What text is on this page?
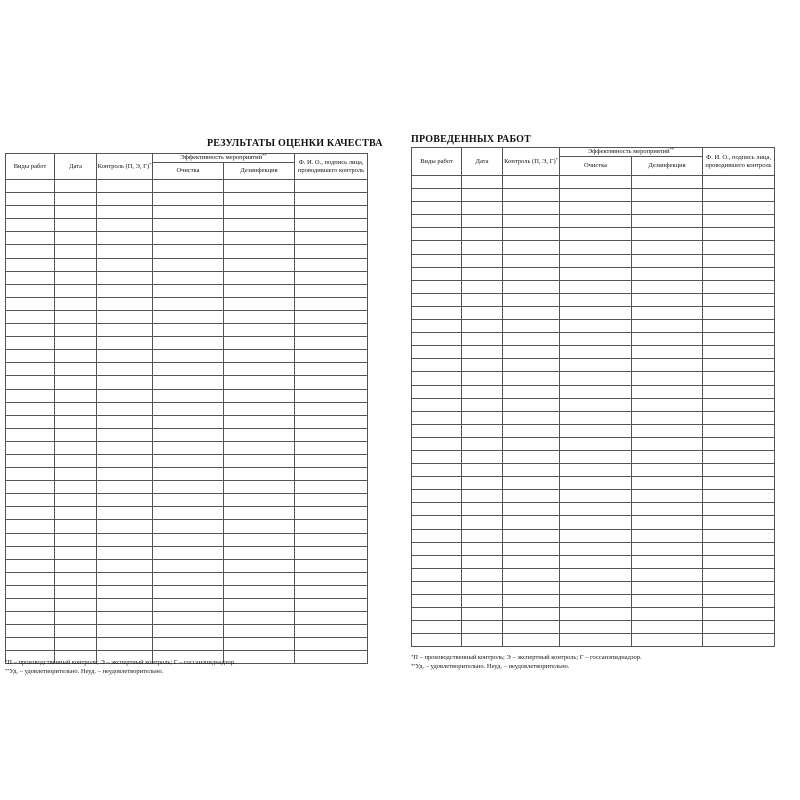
РЕЗУЛЬТАТЫ ОЦЕНКИ КАЧЕСТВА
Виды работ	Дата	Контроль (П, Э, Г)*	Эффективность мероприятий**		Ф. И. О., подпись лица, проводившего контроль
			Очистка	Дезинфекция	

*П – производственный контроль; Э – экспертный контроль; Г – госсанэпиднадзор.
**Уд. – удовлетворительно. Неуд. – неудовлетворительно.
ПРОВЕДЕННЫХ РАБОТ
Виды работ	Дата	Контроль (П, Э, Г)*	Эффективность мероприятий**		Ф. И. О., подпись лица, проводившего контроль
			Очистка	Дезинфекция	

*П – производственный контроль; Э – экспертный контроль; Г – госсанэпиднадзор.
**Уд. – удовлетворительно. Неуд. – неудовлетворительно.
